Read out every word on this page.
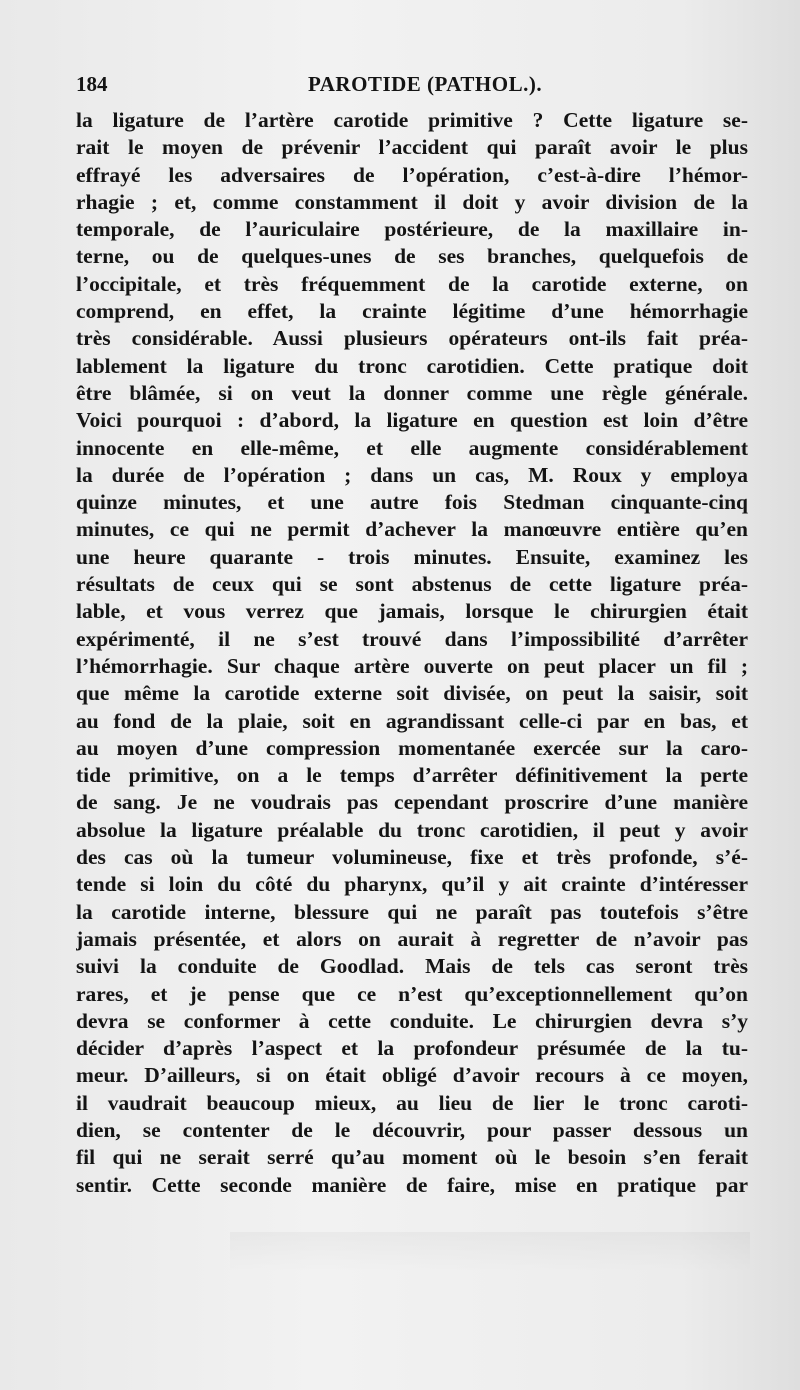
184	PAROTIDE (PATHOL.).
la ligature de l’artère carotide primitive ? Cette ligature se-
rait le moyen de prévenir l’accident qui paraît avoir le plus
effrayé les adversaires de l’opération, c’est-à-dire l’hémor-
rhagie ; et, comme constamment il doit y avoir division de la
temporale, de l’auriculaire postérieure, de la maxillaire in-
terne, ou de quelques-unes de ses branches, quelquefois de
l’occipitale, et très fréquemment de la carotide externe, on
comprend, en effet, la crainte légitime d’une hémorrhagie
très considérable. Aussi plusieurs opérateurs ont-ils fait préa-
lablement la ligature du tronc carotidien. Cette pratique doit
être blâmée, si on veut la donner comme une règle générale.
Voici pourquoi : d’abord, la ligature en question est loin d’être
innocente en elle-même, et elle augmente considérablement
la durée de l’opération ; dans un cas, M. Roux y employa
quinze minutes, et une autre fois Stedman cinquante-cinq
minutes, ce qui ne permit d’achever la manœuvre entière qu’en
une heure quarante - trois minutes. Ensuite, examinez les
résultats de ceux qui se sont abstenus de cette ligature préa-
lable, et vous verrez que jamais, lorsque le chirurgien était
expérimenté, il ne s’est trouvé dans l’impossibilité d’arrêter
l’hémorrhagie. Sur chaque artère ouverte on peut placer un fil ;
que même la carotide externe soit divisée, on peut la saisir, soit
au fond de la plaie, soit en agrandissant celle-ci par en bas, et
au moyen d’une compression momentanée exercée sur la caro-
tide primitive, on a le temps d’arrêter définitivement la perte
de sang. Je ne voudrais pas cependant proscrire d’une manière
absolue la ligature préalable du tronc carotidien, il peut y avoir
des cas où la tumeur volumineuse, fixe et très profonde, s’é-
tende si loin du côté du pharynx, qu’il y ait crainte d’intéresser
la carotide interne, blessure qui ne paraît pas toutefois s’être
jamais présentée, et alors on aurait à regretter de n’avoir pas
suivi la conduite de Goodlad. Mais de tels cas seront très
rares, et je pense que ce n’est qu’exceptionnellement qu’on
devra se conformer à cette conduite. Le chirurgien devra s’y
décider d’après l’aspect et la profondeur présumée de la tu-
meur. D’ailleurs, si on était obligé d’avoir recours à ce moyen,
il vaudrait beaucoup mieux, au lieu de lier le tronc caroti-
dien, se contenter de le découvrir, pour passer dessous un
fil qui ne serait serré qu’au moment où le besoin s’en ferait
sentir. Cette seconde manière de faire, mise en pratique par
